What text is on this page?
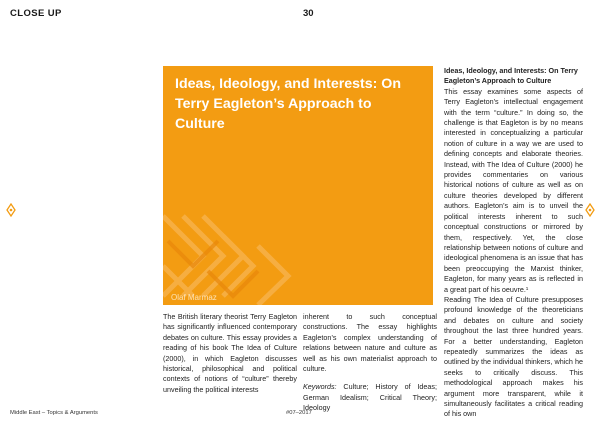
CLOSE UP	30
Ideas, Ideology, and Interests: On Terry Eagleton’s Approach to Culture
Olaf Marmaz

The British literary theorist Terry Eagleton has significantly influenced contemporary debates on culture. This essay provides a reading of his book The Idea of Culture (2000), in which Eagleton discusses historical, philosophical and political contexts of notions of “culture” thereby unveiling the political interests

inherent to such conceptual constructions. The essay highlights Eagleton’s complex understanding of relations between nature and culture as well as his own materialist approach to culture.

Keywords: Culture; History of Ideas; German Idealism; Critical Theory; Ideology

Ideas, Ideology, and Interests: On Terry Eagleton’s Approach to Culture

This essay examines some aspects of Terry Eagleton’s intellectual engagement with the term “culture.” In doing so, the challenge is that Eagleton is by no means interested in conceptualizing a particular notion of culture in a way we are used to defining concepts and elaborate theories. Instead, with The Idea of Culture (2000) he provides commentaries on various historical notions of culture as well as on culture theories developed by different authors. Eagleton’s aim is to unveil the political interests inherent to such conceptual constructions or mirrored by them, respectively. Yet, the close relationship between notions of culture and ideological phenomena is an issue that has been preoccupying the Marxist thinker, Eagleton, for many years as is reflected in a great part of his oeuvre.¹

Reading The Idea of Culture presupposes profound knowledge of the theoreticians and debates on culture and society throughout the last three hundred years. For a better understanding, Eagleton repeatedly summarizes the ideas as outlined by the individual thinkers, which he seeks to critically discuss. This methodological approach makes his argument more transparent, while it simultaneously facilitates a critical reading of his own

Middle East – Topics & Arguments	#07–2017
